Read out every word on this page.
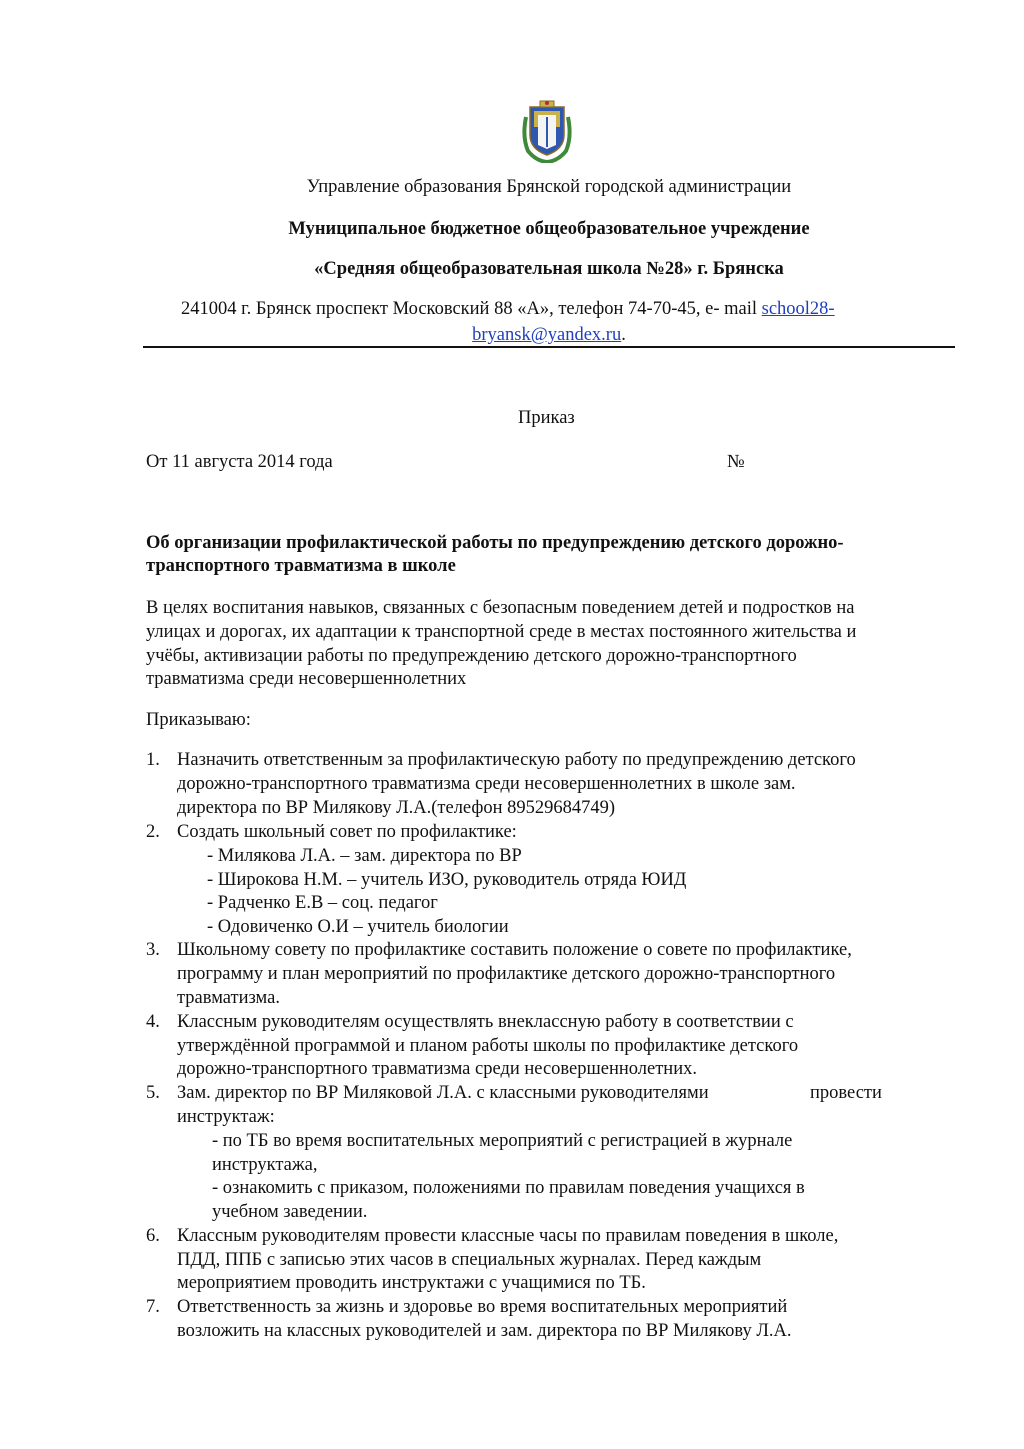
Управление образования Брянской городской администрации
Муниципальное бюджетное общеобразовательное учреждение
«Средняя общеобразовательная школа №28» г. Брянска
241004 г. Брянск проспект Московский 88 «А», телефон 74-70-45, e- mail school28-
bryansk@yandex.ru.
Приказ
От 11 августа 2014 года	№
Об организации профилактической работы по предупреждению детского дорожно-
транспортного травматизма в школе
В целях воспитания навыков, связанных с безопасным поведением детей и подростков на
улицах и дорогах, их адаптации к транспортной среде в местах постоянного жительства и
учёбы, активизации работы по предупреждению детского дорожно-транспортного
травматизма среди несовершеннолетних
Приказываю:
1. Назначить ответственным за профилактическую работу по предупреждению детского
дорожно-транспортного травматизма среди несовершеннолетних в школе зам.
директора по ВР Милякову Л.А.(телефон 89529684749)
2. Создать школьный совет по профилактике:
- Милякова Л.А. – зам. директора по ВР
- Широкова Н.М. – учитель ИЗО, руководитель отряда ЮИД
- Радченко Е.В – соц. педагог
- Одовиченко О.И – учитель биологии
3. Школьному совету по профилактике составить положение о совете по профилактике,
программу и план мероприятий по профилактике детского дорожно-транспортного
травматизма.
4. Классным руководителям осуществлять внеклассную работу в соответствии с
утверждённой программой и планом работы школы по профилактике детского
дорожно-транспортного травматизма среди несовершеннолетних.
5. Зам. директор по ВР Миляковой Л.А. с классными руководителями	провести
инструктаж:
- по ТБ во время воспитательных мероприятий с регистрацией в журнале
инструктажа,
- ознакомить с приказом, положениями по правилам поведения учащихся в
учебном заведении.
6. Классным руководителям провести классные часы по правилам поведения в школе,
ПДД, ППБ с записью этих часов в специальных журналах. Перед каждым
мероприятием проводить инструктажи с учащимися по ТБ.
7. Ответственность за жизнь и здоровье во время воспитательных мероприятий
возложить на классных руководителей и зам. директора по ВР Милякову Л.А.
